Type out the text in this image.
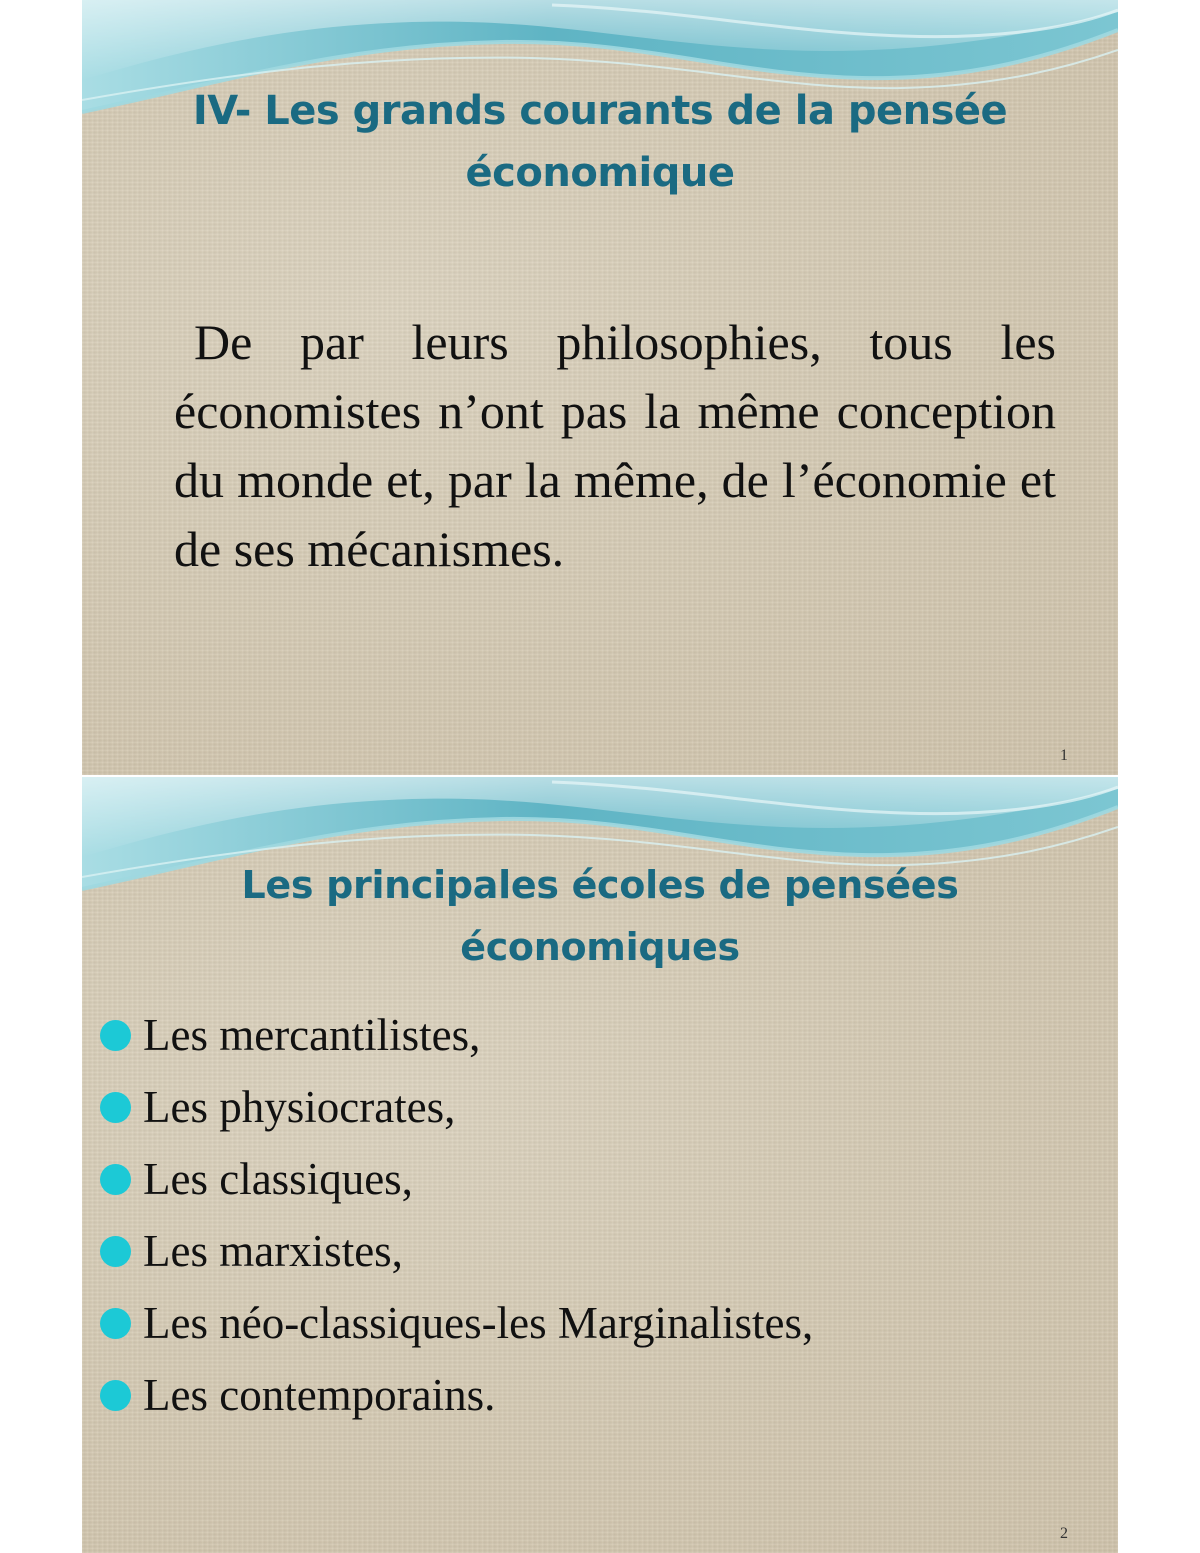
IV- Les grands courants de la pensée
économique

De par leurs philosophies, tous les économistes n’ont pas la même conception du monde et, par la même, de l’économie et de ses mécanismes.

1
Les principales écoles de pensées
économiques
Les mercantilistes,
Les physiocrates,
Les classiques,
Les marxistes,
Les néo-classiques-les Marginalistes,
Les contemporains.
2
